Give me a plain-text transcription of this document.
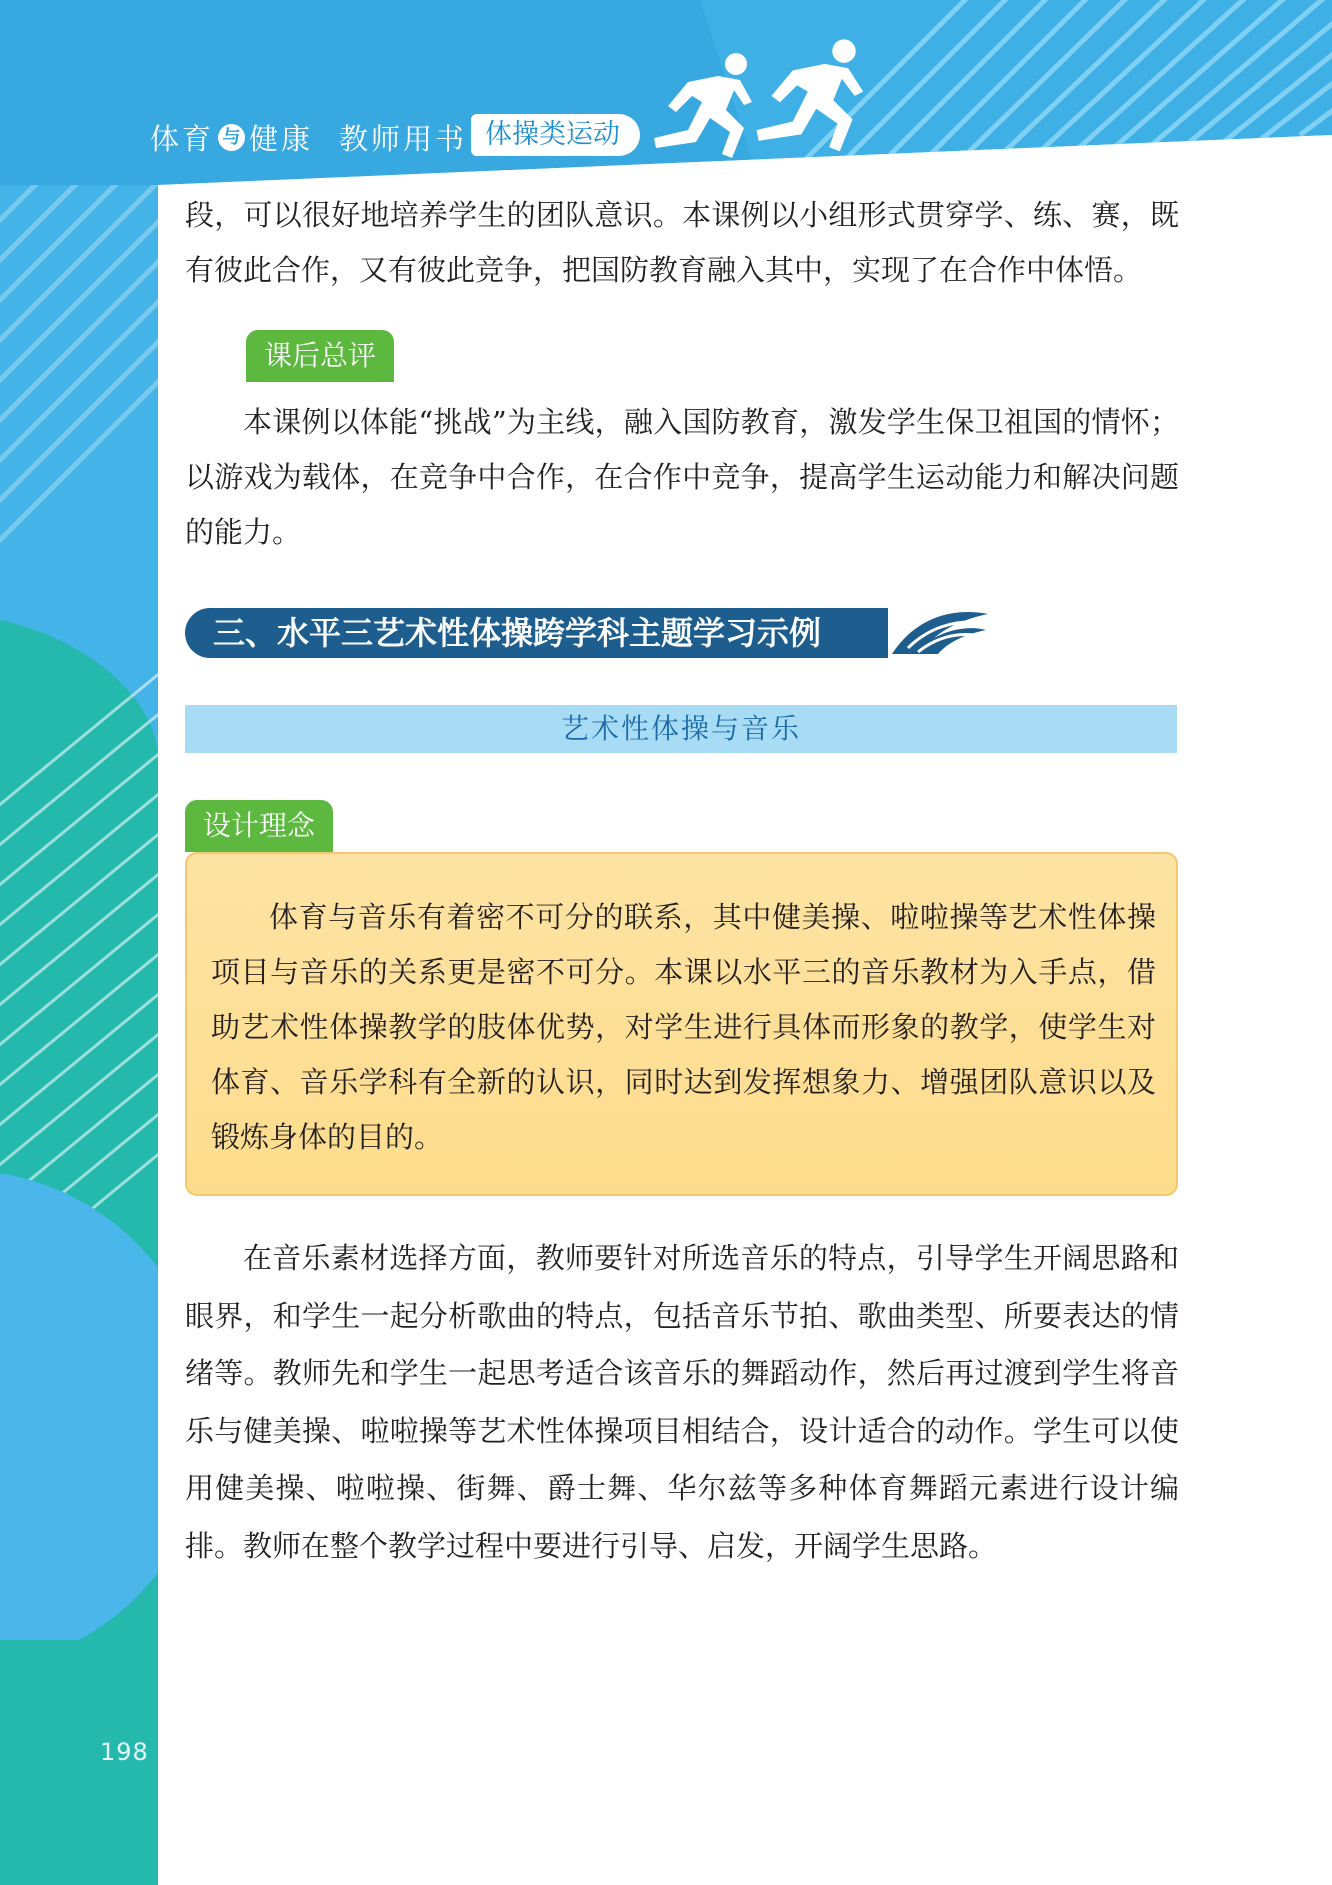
体育 与 健康 教师用书 体操类运动
段，可以很好地培养学生的团队意识。本课例以小组形式贯穿学、练、赛，既有彼此合作，又有彼此竞争，把国防教育融入其中，实现了在合作中体悟。
课后总评
本课例以体能“挑战”为主线，融入国防教育，激发学生保卫祖国的情怀；以游戏为载体，在竞争中合作，在合作中竞争，提高学生运动能力和解决问题的能力。
三、水平三艺术性体操跨学科主题学习示例
艺术性体操与音乐
设计理念
体育与音乐有着密不可分的联系，其中健美操、啦啦操等艺术性体操项目与音乐的关系更是密不可分。本课以水平三的音乐教材为入手点，借助艺术性体操教学的肢体优势，对学生进行具体而形象的教学，使学生对体育、音乐学科有全新的认识，同时达到发挥想象力、增强团队意识以及锻炼身体的目的。
在音乐素材选择方面，教师要针对所选音乐的特点，引导学生开阔思路和眼界，和学生一起分析歌曲的特点，包括音乐节拍、歌曲类型、所要表达的情绪等。教师先和学生一起思考适合该音乐的舞蹈动作，然后再过渡到学生将音乐与健美操、啦啦操等艺术性体操项目相结合，设计适合的动作。学生可以使用健美操、啦啦操、街舞、爵士舞、华尔兹等多种体育舞蹈元素进行设计编排。教师在整个教学过程中要进行引导、启发，开阔学生思路。
198
